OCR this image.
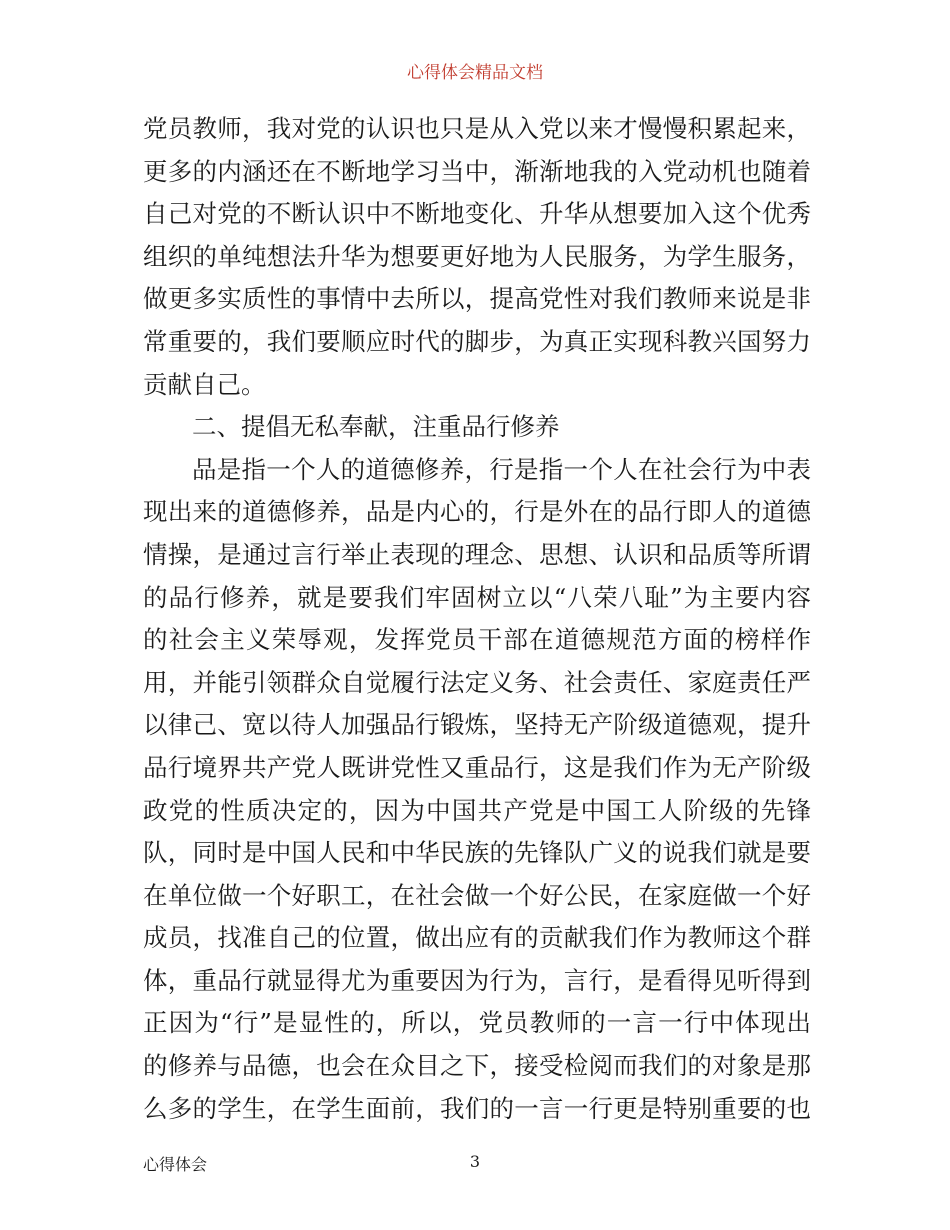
心得体会精品文档
党员教师，我对党的认识也只是从入党以来才慢慢积累起来，
更多的内涵还在不断地学习当中，渐渐地我的入党动机也随着
自己对党的不断认识中不断地变化、升华从想要加入这个优秀
组织的单纯想法升华为想要更好地为人民服务，为学生服务，
做更多实质性的事情中去所以，提高党性对我们教师来说是非
常重要的，我们要顺应时代的脚步，为真正实现科教兴国努力
贡献自己。
二、提倡无私奉献，注重品行修养
品是指一个人的道德修养，行是指一个人在社会行为中表
现出来的道德修养，品是内心的，行是外在的品行即人的道德
情操，是通过言行举止表现的理念、思想、认识和品质等所谓
的品行修养，就是要我们牢固树立以“八荣八耻”为主要内容
的社会主义荣辱观，发挥党员干部在道德规范方面的榜样作
用，并能引领群众自觉履行法定义务、社会责任、家庭责任严
以律己、宽以待人加强品行锻炼，坚持无产阶级道德观，提升
品行境界共产党人既讲党性又重品行，这是我们作为无产阶级
政党的性质决定的，因为中国共产党是中国工人阶级的先锋
队，同时是中国人民和中华民族的先锋队广义的说我们就是要
在单位做一个好职工，在社会做一个好公民，在家庭做一个好
成员，找准自己的位置，做出应有的贡献我们作为教师这个群
体，重品行就显得尤为重要因为行为，言行，是看得见听得到
正因为“行”是显性的，所以，党员教师的一言一行中体现出
的修养与品德，也会在众目之下，接受检阅而我们的对象是那
么多的学生，在学生面前，我们的一言一行更是特别重要的也
心得体会	3
